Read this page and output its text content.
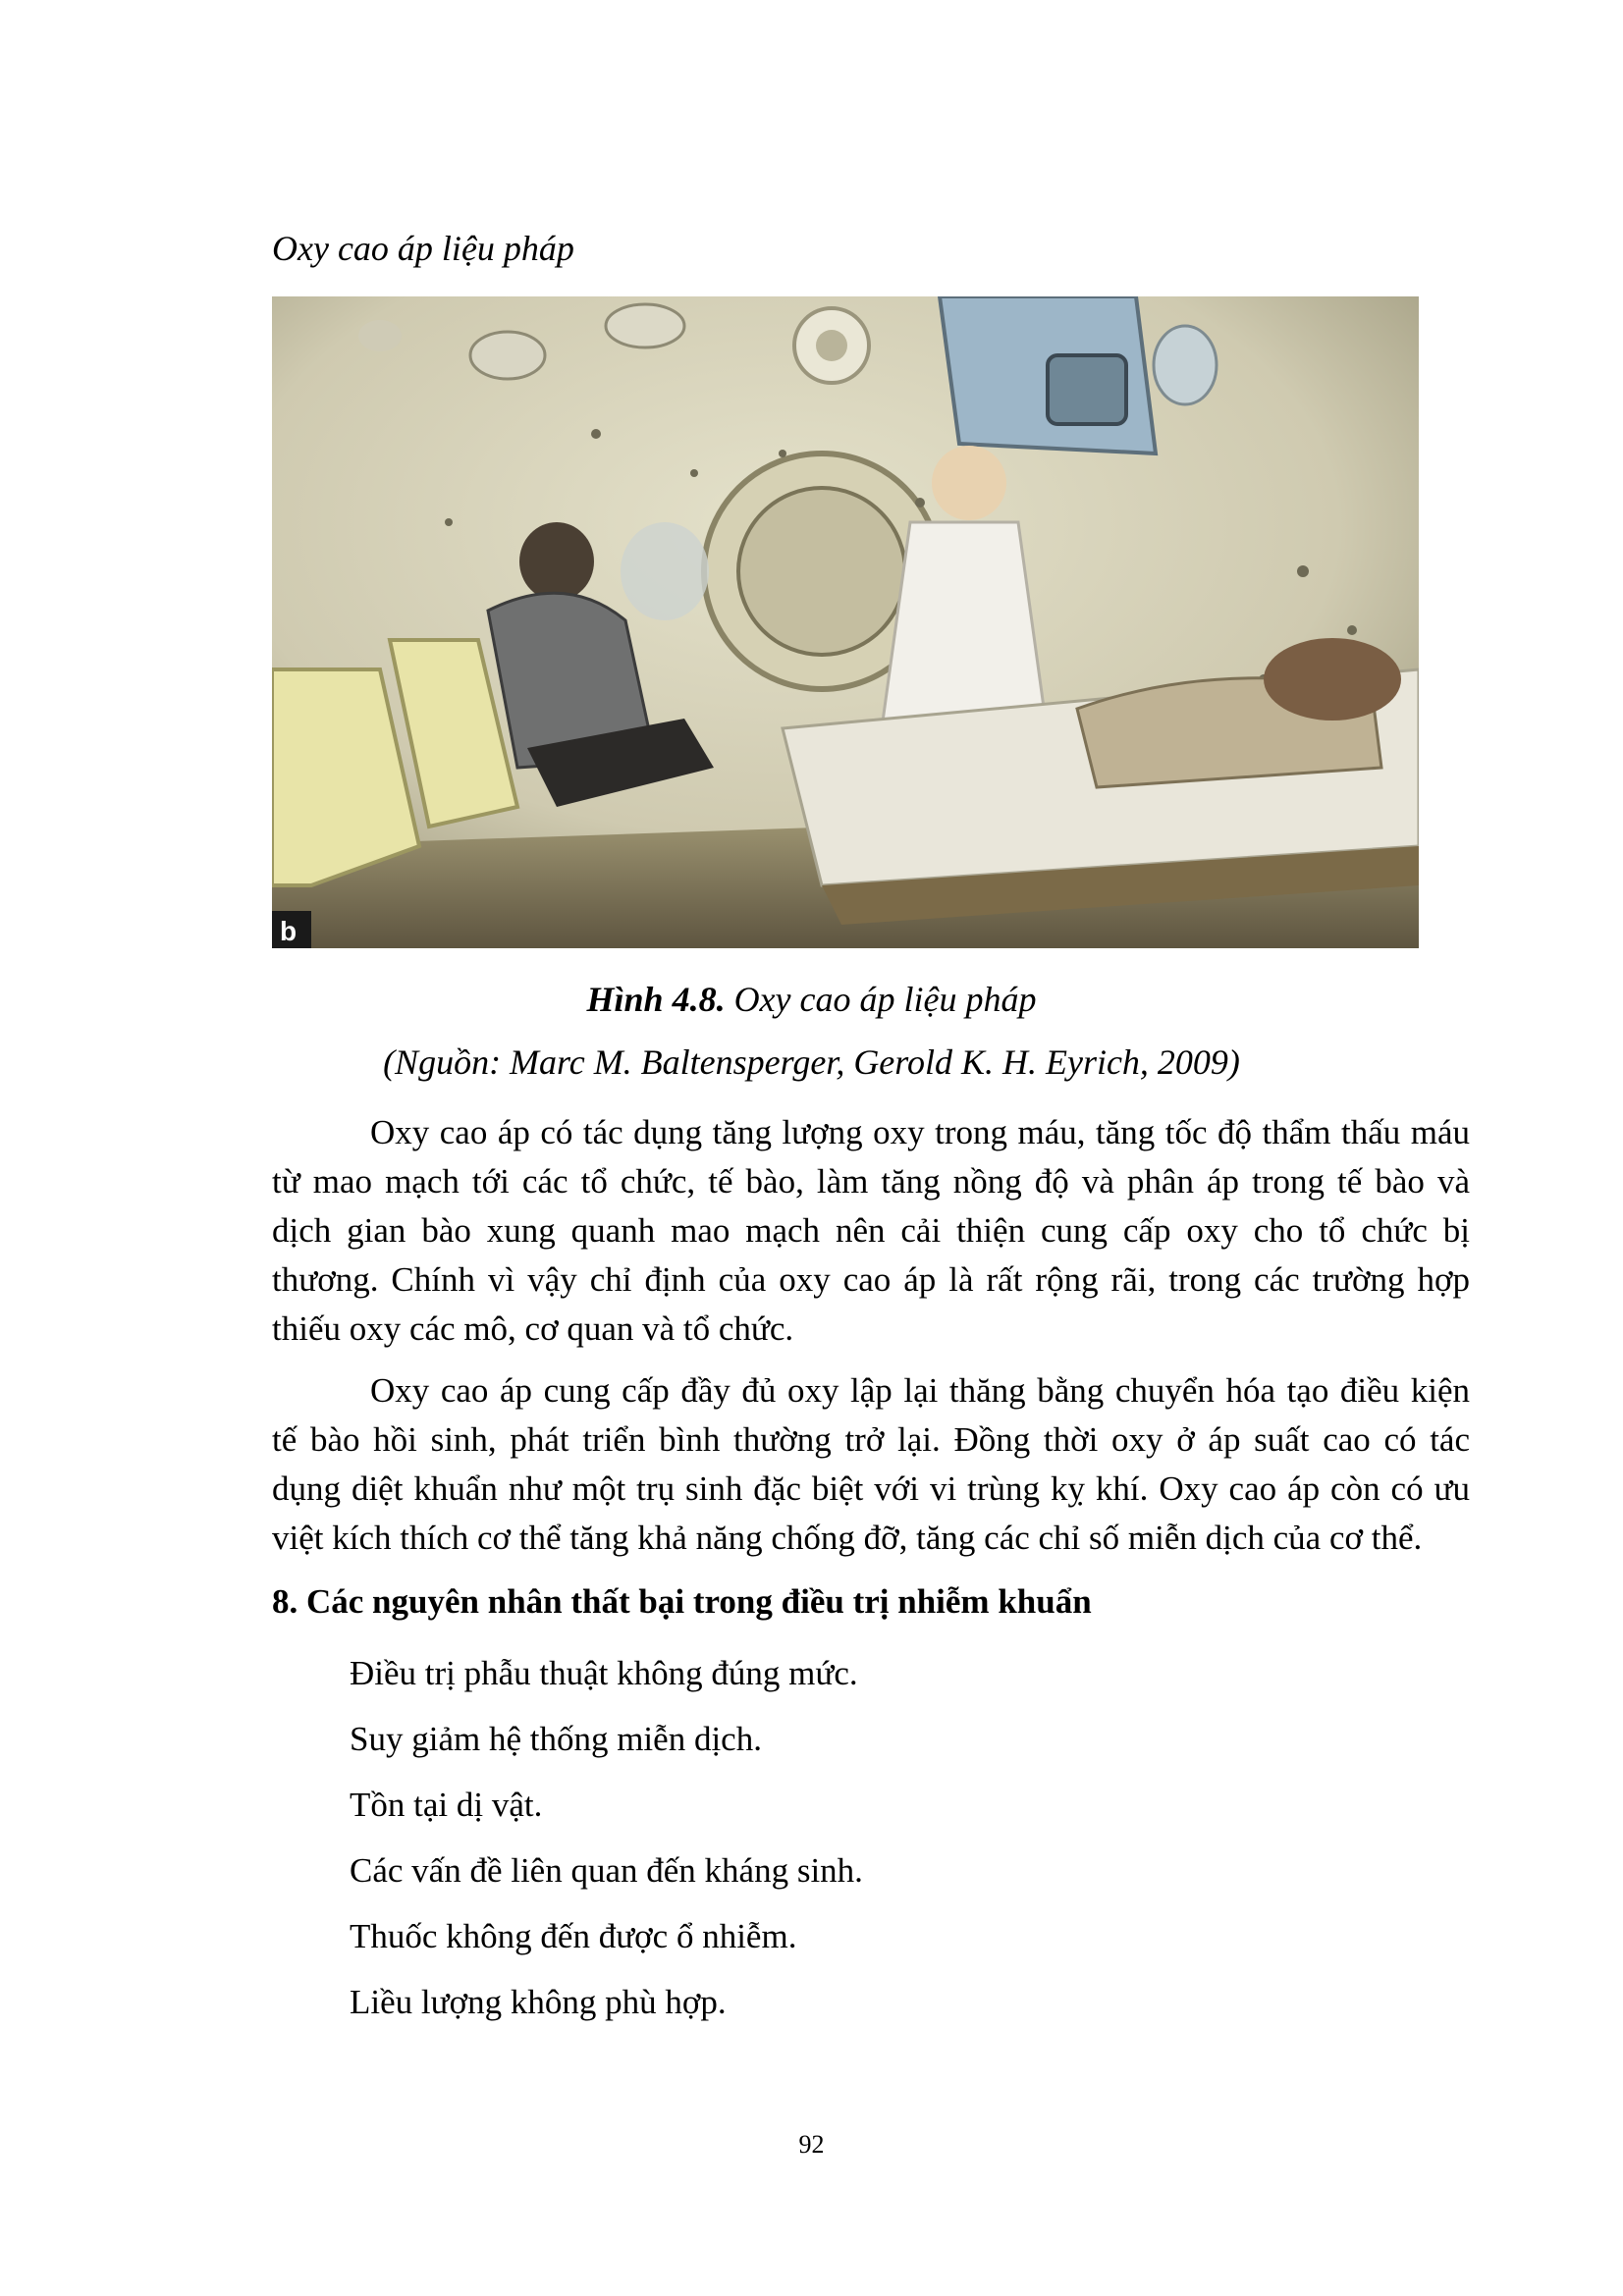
Oxy cao áp liệu pháp
b
Hình 4.8. Oxy cao áp liệu pháp
(Nguồn: Marc M. Baltensperger, Gerold K. H. Eyrich, 2009)
Oxy cao áp có tác dụng tăng lượng oxy trong máu, tăng tốc độ thẩm thấu máu
từ mao mạch tới các tổ chức, tế bào, làm tăng nồng độ và phân áp trong tế bào và
dịch gian bào xung quanh mao mạch nên cải thiện cung cấp oxy cho tổ chức bị
thương. Chính vì vậy chỉ định của oxy cao áp là rất rộng rãi, trong các trường hợp
thiếu oxy các mô, cơ quan và tổ chức.
Oxy cao áp cung cấp đầy đủ oxy lập lại thăng bằng chuyển hóa tạo điều kiện
tế bào hồi sinh, phát triển bình thường trở lại. Đồng thời oxy ở áp suất cao có tác
dụng diệt khuẩn như một trụ sinh đặc biệt với vi trùng kỵ khí. Oxy cao áp còn có ưu
việt kích thích cơ thể tăng khả năng chống đỡ, tăng các chỉ số miễn dịch của cơ thể.
8. Các nguyên nhân thất bại trong điều trị nhiễm khuẩn
Điều trị phẫu thuật không đúng mức.
Suy giảm hệ thống miễn dịch.
Tồn tại dị vật.
Các vấn đề liên quan đến kháng sinh.
Thuốc không đến được ổ nhiễm.
Liều lượng không phù hợp.
92
